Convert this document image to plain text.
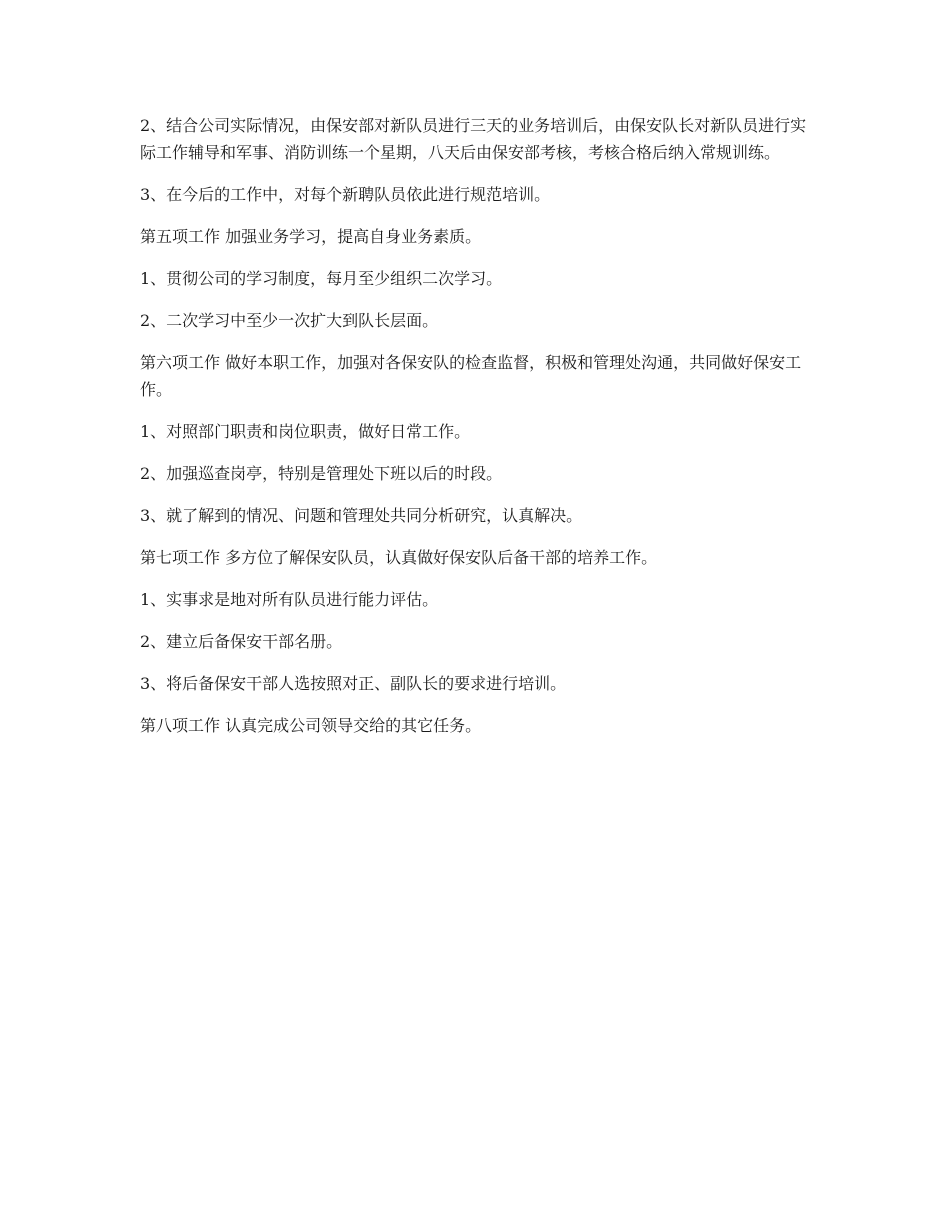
2、结合公司实际情况，由保安部对新队员进行三天的业务培训后，由保安队长对新队员进行实际工作辅导和军事、消防训练一个星期，八天后由保安部考核，考核合格后纳入常规训练。

3、在今后的工作中，对每个新聘队员依此进行规范培训。

第五项工作 加强业务学习，提高自身业务素质。

1、贯彻公司的学习制度，每月至少组织二次学习。

2、二次学习中至少一次扩大到队长层面。

第六项工作 做好本职工作，加强对各保安队的检查监督，积极和管理处沟通，共同做好保安工作。

1、对照部门职责和岗位职责，做好日常工作。

2、加强巡查岗亭，特别是管理处下班以后的时段。

3、就了解到的情况、问题和管理处共同分析研究，认真解决。

第七项工作 多方位了解保安队员，认真做好保安队后备干部的培养工作。

1、实事求是地对所有队员进行能力评估。

2、建立后备保安干部名册。

3、将后备保安干部人选按照对正、副队长的要求进行培训。

第八项工作 认真完成公司领导交给的其它任务。
